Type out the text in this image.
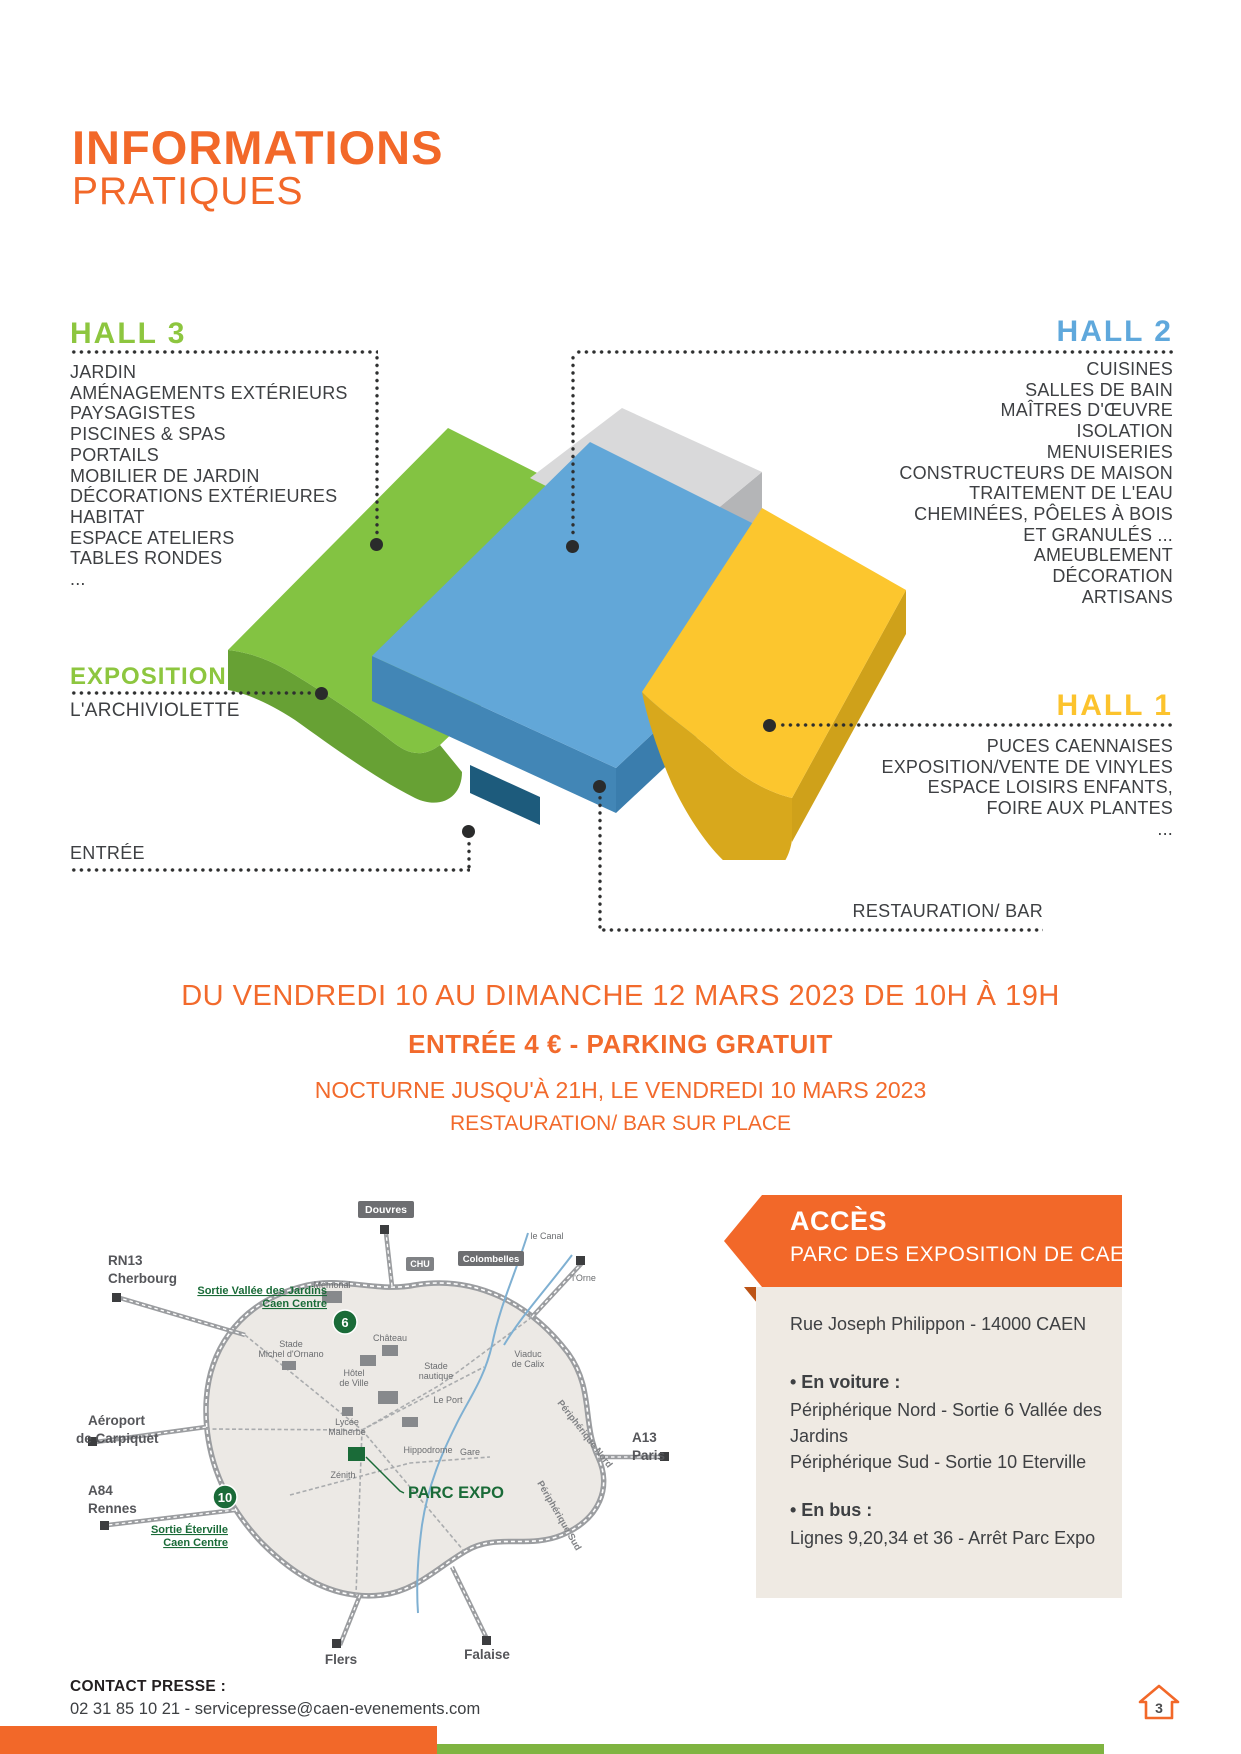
INFORMATIONS
PRATIQUES
HALL 3
JARDIN
AMÉNAGEMENTS EXTÉRIEURS
PAYSAGISTES
PISCINES & SPAS
PORTAILS
MOBILIER DE JARDIN
DÉCORATIONS EXTÉRIEURES
HABITAT
ESPACE ATELIERS
TABLES RONDES
...
HALL 2
CUISINES
SALLES DE BAIN
MAÎTRES D'ŒUVRE
ISOLATION
MENUISERIES
CONSTRUCTEURS DE MAISON
TRAITEMENT DE L'EAU
CHEMINÉES, PÔELES À BOIS
ET GRANULÉS ...
AMEUBLEMENT
DÉCORATION
ARTISANS
EXPOSITION
L'ARCHIVIOLETTE	HALL 1
PUCES CAENNAISES
EXPOSITION/VENTE DE VINYLES
ESPACE LOISIRS ENFANTS,
FOIRE AUX PLANTES
...
ENTRÉE
RESTAURATION/ BAR
DU VENDREDI 10 AU DIMANCHE 12 MARS 2023 DE 10H À 19H
ENTRÉE 4 € - PARKING GRATUIT
NOCTURNE JUSQU'À 21H, LE VENDREDI 10 MARS 2023
RESTAURATION/ BAR SUR PLACE
Douvres
Colombelles
CHU
RN13
Cherbourg
Aéroport
de Carpiquet
A84
Rennes
A13
Paris
Flers	Falaise
Sortie Vallée des Jardins
Caen Centre
Sortie Éterville
Caen Centre
6
10	PARC EXPO
Mémorial
Stade
Michel d'Ornano
Château
Hôtel
de Ville
Stade
nautique
Le Port
Lycée
Malherbe
Hippodrome Gare
Zénith
Viaduc
de Calix
le Canal
l'Orne
Périphérique Nord
Périphérique Sud
ACCÈS
PARC DES EXPOSITION DE CAEN
Rue Joseph Philippon - 14000 CAEN
• En voiture :
Périphérique Nord - Sortie 6 Vallée des Jardins
Périphérique Sud - Sortie 10 Eterville
• En bus :
Lignes 9,20,34 et 36 - Arrêt Parc Expo
CONTACT PRESSE :
02 31 85 10 21 - servicepresse@caen-evenements.com	3
